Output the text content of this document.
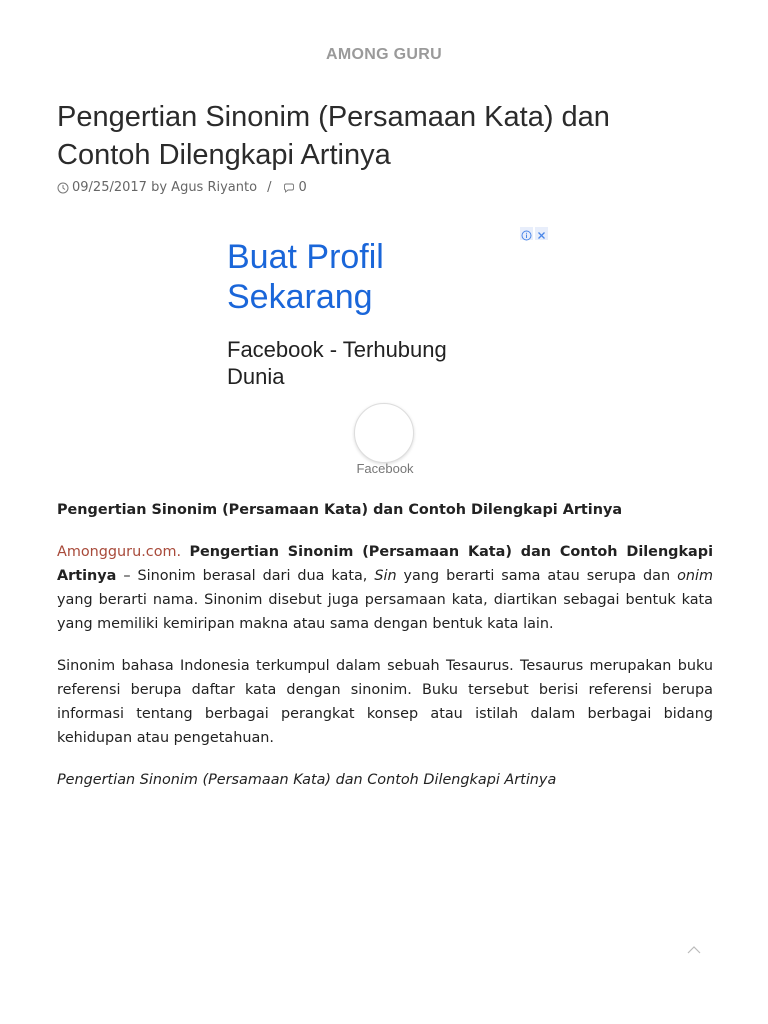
AMONG GURU
Pengertian Sinonim (Persamaan Kata) dan
Contoh Dilengkapi Artinya
09/25/2017
by
Agus Riyanto / 0
Buat Profil
Sekarang
Facebook - Terhubung
Dunia
Facebook

Pengertian Sinonim (Persamaan Kata) dan Contoh Dilengkapi Artinya

Amongguru.com. Pengertian Sinonim (Persamaan Kata) dan Contoh Dilengkapi Artinya – Sinonim berasal dari dua kata, Sin yang berarti sama atau serupa dan onim yang berarti nama. Sinonim disebut juga persamaan kata, diartikan sebagai bentuk kata yang memiliki kemiripan makna atau sama dengan bentuk kata lain.

Sinonim bahasa Indonesia terkumpul dalam sebuah Tesaurus. Tesaurus merupakan buku referensi berupa daftar kata dengan sinonim. Buku tersebut berisi referensi berupa informasi tentang berbagai perangkat konsep atau istilah dalam berbagai bidang kehidupan atau pengetahuan.

Pengertian Sinonim (Persamaan Kata) dan Contoh Dilengkapi Artinya
